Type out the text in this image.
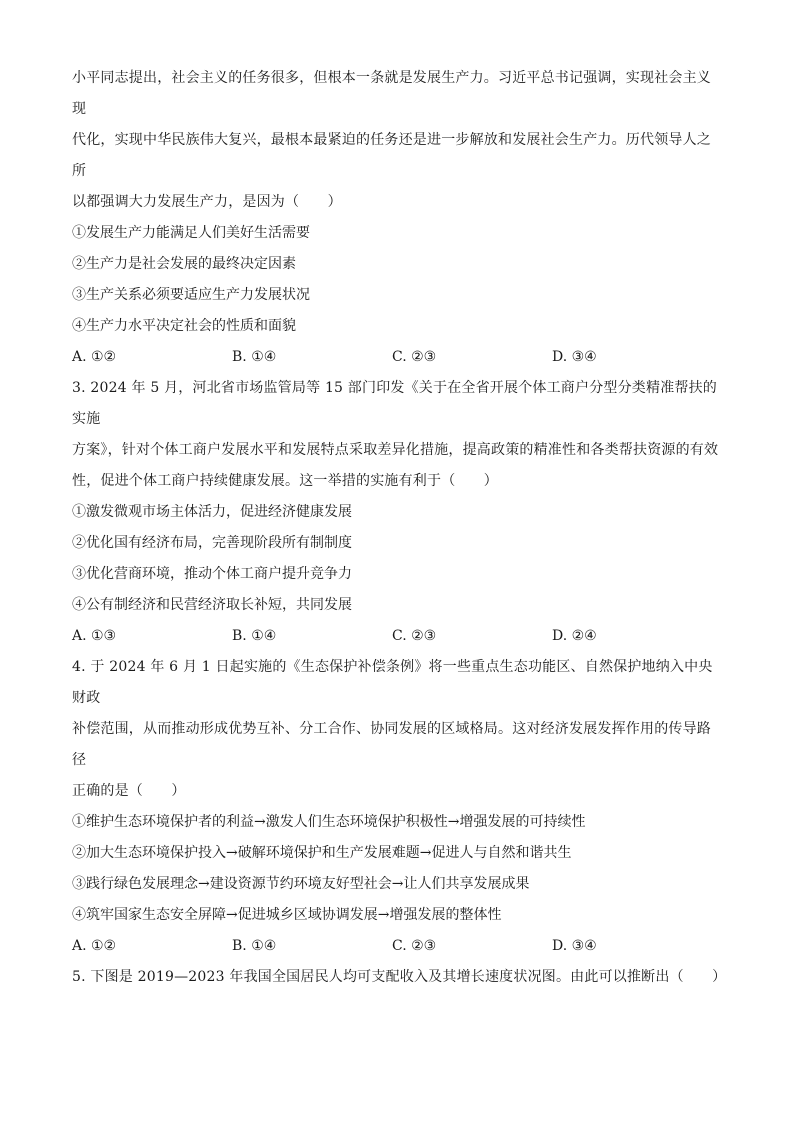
小平同志提出，社会主义的任务很多，但根本一条就是发展生产力。习近平总书记强调，实现社会主义现

代化，实现中华民族伟大复兴，最根本最紧迫的任务还是进一步解放和发展社会生产力。历代领导人之所

以都强调大力发展生产力，是因为（　　）

①发展生产力能满足人们美好生活需要

②生产力是社会发展的最终决定因素

③生产关系必须要适应生产力发展状况

④生产力水平决定社会的性质和面貌

A. ①②	B. ①④	C. ②③	D. ③④

3. 2024 年 5 月，河北省市场监管局等 15 部门印发《关于在全省开展个体工商户分型分类精准帮扶的实施

方案》，针对个体工商户发展水平和发展特点采取差异化措施，提高政策的精准性和各类帮扶资源的有效

性，促进个体工商户持续健康发展。这一举措的实施有利于（　　）

①激发微观市场主体活力，促进经济健康发展

②优化国有经济布局，完善现阶段所有制制度

③优化营商环境，推动个体工商户提升竞争力

④公有制经济和民营经济取长补短，共同发展

A. ①③	B. ①④	C. ②③	D. ②④

4. 于 2024 年 6 月 1 日起实施的《生态保护补偿条例》将一些重点生态功能区、自然保护地纳入中央财政

补偿范围，从而推动形成优势互补、分工合作、协同发展的区域格局。这对经济发展发挥作用的传导路径

正确的是（　　）

①维护生态环境保护者的利益→激发人们生态环境保护积极性→增强发展的可持续性

②加大生态环境保护投入→破解环境保护和生产发展难题→促进人与自然和谐共生

③践行绿色发展理念→建设资源节约环境友好型社会→让人们共享发展成果

④筑牢国家生态安全屏障→促进城乡区域协调发展→增强发展的整体性

A. ①②	B. ①④	C. ②③	D. ③④

5. 下图是 2019—2023 年我国全国居民人均可支配收入及其增长速度状况图。由此可以推断出（　　）
